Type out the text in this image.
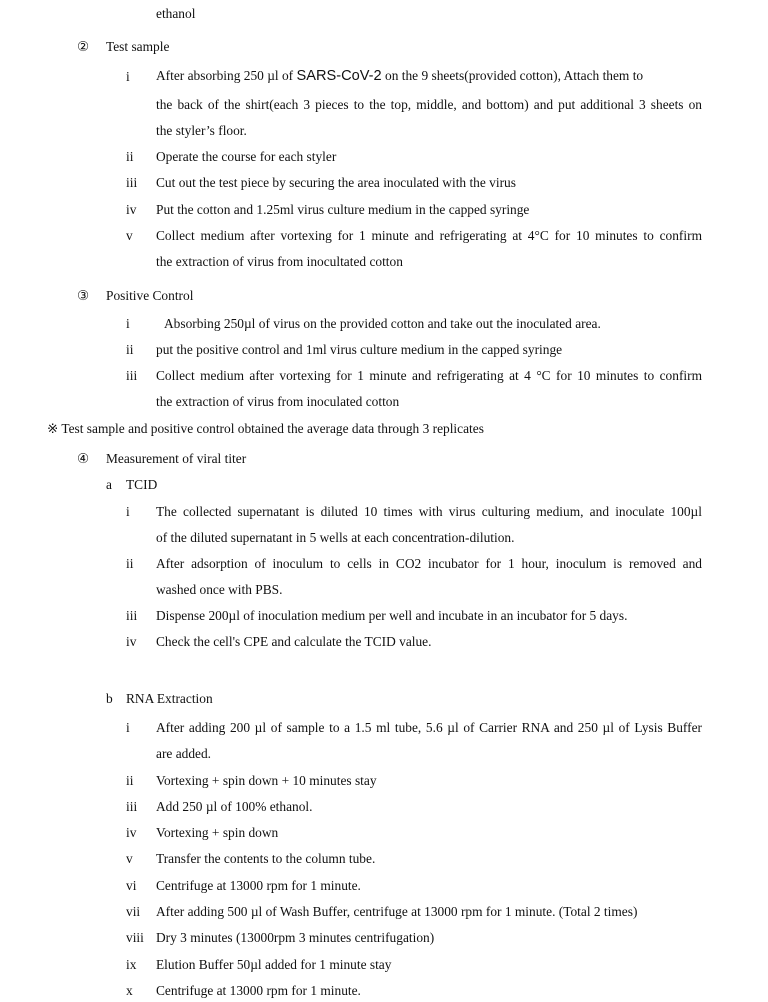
ethanol
② Test sample
i After absorbing 250 µl of SARS-CoV-2 on the 9 sheets(provided cotton), Attach them to
the back of the shirt(each 3 pieces to the top, middle, and bottom) and put additional 3 sheets on
the styler’s floor.
ii Operate the course for each styler
iii Cut out the test piece by securing the area inoculated with the virus
iv Put the cotton and 1.25ml virus culture medium in the capped syringe
v Collect medium after vortexing for 1 minute and refrigerating at 4°C for 10 minutes to confirm
the extraction of virus from inocultated cotton
③ Positive Control
i	Absorbing 250µl of virus on the provided cotton and take out the inoculated area.
ii put the positive control and 1ml virus culture medium in the capped syringe
iii Collect medium after vortexing for 1 minute and refrigerating at 4 °C for 10 minutes to confirm
the extraction of virus from inoculated cotton
※ Test sample and positive control obtained the average data through 3 replicates
④ Measurement of viral titer
a TCID
i The collected supernatant is diluted 10 times with virus culturing medium, and inoculate 100µl
of the diluted supernatant in 5 wells at each concentration-dilution.
ii After adsorption of inoculum to cells in CO2 incubator for 1 hour, inoculum is removed and
washed once with PBS.
iii Dispense 200µl of inoculation medium per well and incubate in an incubator for 5 days.
iv Check the cell's CPE and calculate the TCID value.
b RNA Extraction
i After adding 200 µl of sample to a 1.5 ml tube, 5.6 µl of Carrier RNA and 250 µl of Lysis Buffer
are added.
ii Vortexing + spin down + 10 minutes stay
iii Add 250 µl of 100% ethanol.
iv Vortexing + spin down
v Transfer the contents to the column tube.
vi Centrifuge at 13000 rpm for 1 minute.
vii After adding 500 µl of Wash Buffer, centrifuge at 13000 rpm for 1 minute. (Total 2 times)
viii Dry 3 minutes (13000rpm 3 minutes centrifugation)
ix Elution Buffer 50µl added for 1 minute stay
x Centrifuge at 13000 rpm for 1 minute.
